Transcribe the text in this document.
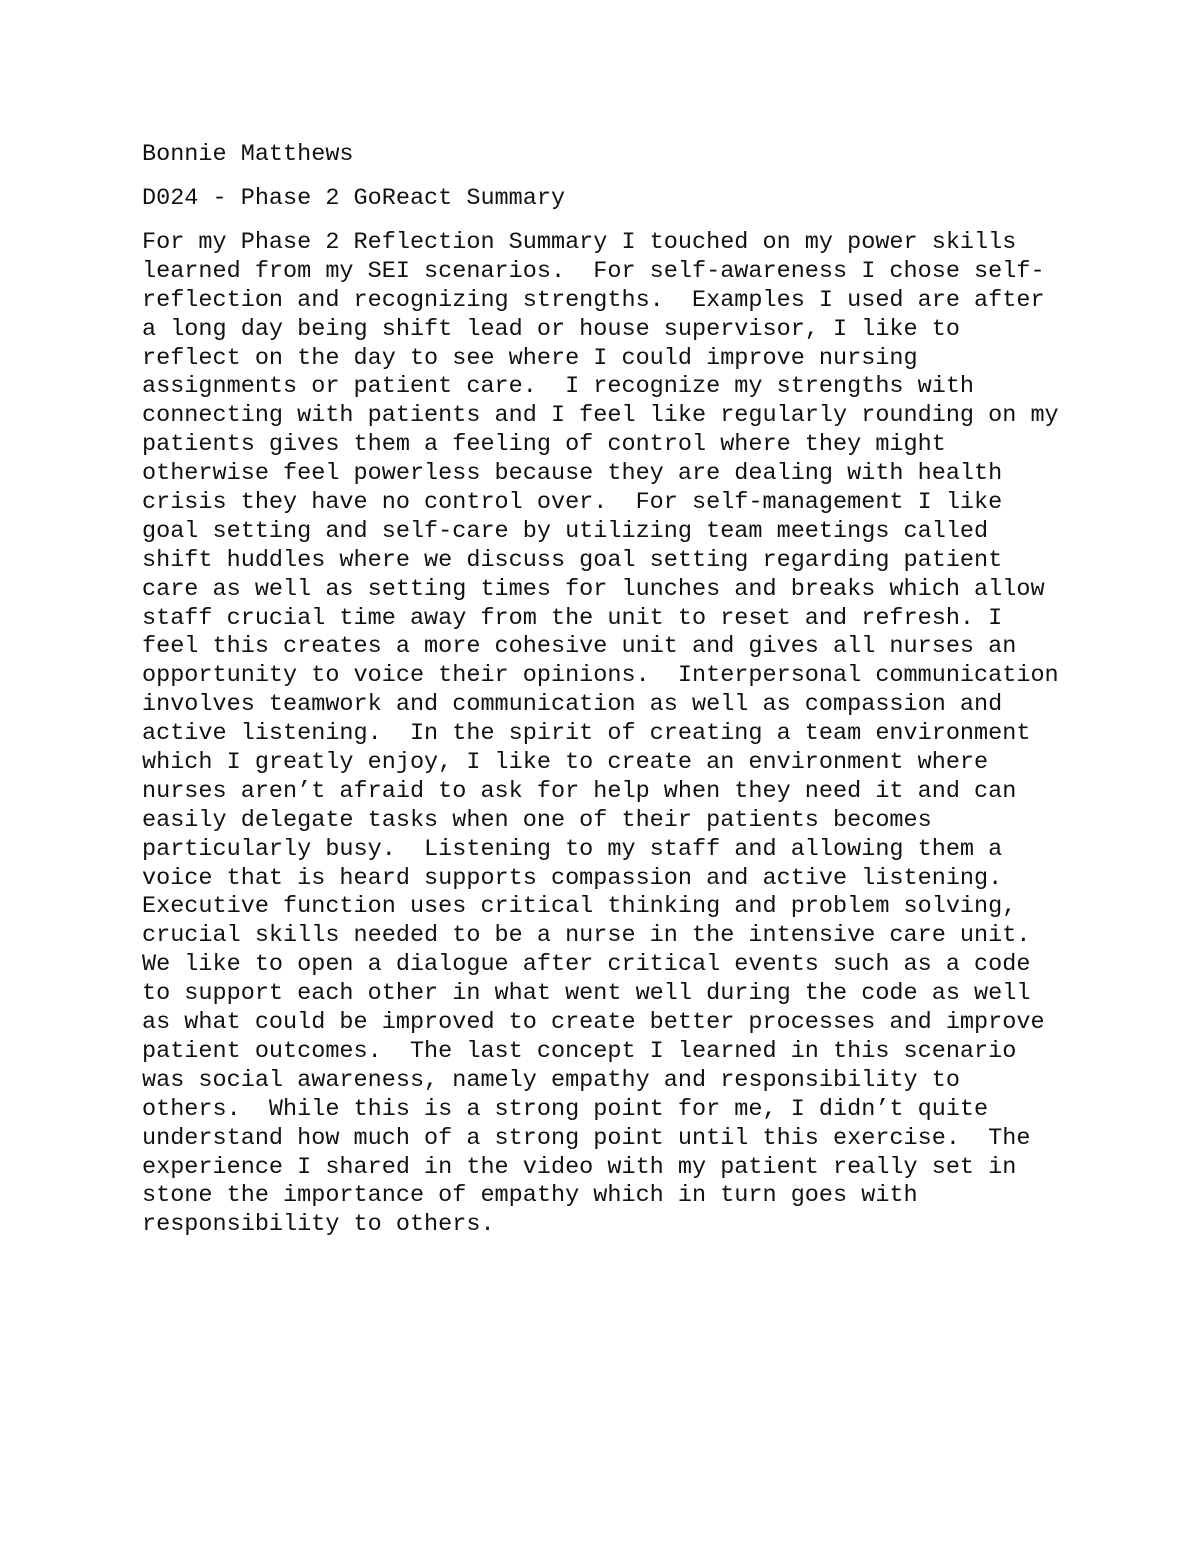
Bonnie Matthews

D024 - Phase 2 GoReact Summary

For my Phase 2 Reflection Summary I touched on my power skills
learned from my SEI scenarios.  For self-awareness I chose self-
reflection and recognizing strengths.  Examples I used are after
a long day being shift lead or house supervisor, I like to
reflect on the day to see where I could improve nursing
assignments or patient care.  I recognize my strengths with
connecting with patients and I feel like regularly rounding on my
patients gives them a feeling of control where they might
otherwise feel powerless because they are dealing with health
crisis they have no control over.  For self-management I like
goal setting and self-care by utilizing team meetings called
shift huddles where we discuss goal setting regarding patient
care as well as setting times for lunches and breaks which allow
staff crucial time away from the unit to reset and refresh. I
feel this creates a more cohesive unit and gives all nurses an
opportunity to voice their opinions.  Interpersonal communication
involves teamwork and communication as well as compassion and
active listening.  In the spirit of creating a team environment
which I greatly enjoy, I like to create an environment where
nurses aren’t afraid to ask for help when they need it and can
easily delegate tasks when one of their patients becomes
particularly busy.  Listening to my staff and allowing them a
voice that is heard supports compassion and active listening.
Executive function uses critical thinking and problem solving,
crucial skills needed to be a nurse in the intensive care unit.
We like to open a dialogue after critical events such as a code
to support each other in what went well during the code as well
as what could be improved to create better processes and improve
patient outcomes.  The last concept I learned in this scenario
was social awareness, namely empathy and responsibility to
others.  While this is a strong point for me, I didn’t quite
understand how much of a strong point until this exercise.  The
experience I shared in the video with my patient really set in
stone the importance of empathy which in turn goes with
responsibility to others.
